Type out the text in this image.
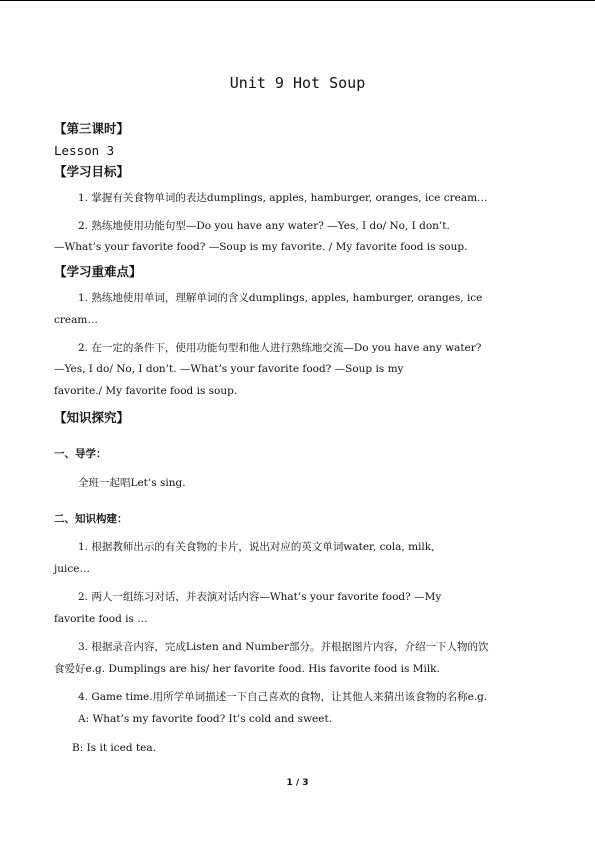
Unit 9 Hot Soup
【第三课时】
Lesson 3
【学习目标】
1. 掌握有关食物单词的表达dumplings, apples, hamburger, oranges, ice cream…
2. 熟练地使用功能句型—Do you have any water? —Yes, I do/ No, I don’t.
—What’s your favorite food? —Soup is my favorite. / My favorite food is soup.
【学习重难点】
1. 熟练地使用单词，理解单词的含义dumplings, apples, hamburger, oranges, ice
cream…
2. 在一定的条件下，使用功能句型和他人进行熟练地交流—Do you have any water?
—Yes, I do/ No, I don’t. —What’s your favorite food? —Soup is my
favorite./ My favorite food is soup.
【知识探究】
一、导学：
全班一起唱Let’s sing.
二、知识构建：
1. 根据教师出示的有关食物的卡片，说出对应的英文单词water, cola, milk,
juice…
2. 两人一组练习对话，并表演对话内容—What’s your favorite food? —My
favorite food is …
3. 根据录音内容，完成Listen and Number部分。并根据图片内容，介绍一下人物的饮
食爱好e.g. Dumplings are his/ her favorite food. His favorite food is Milk.
4. Game time.用所学单词描述一下自己喜欢的食物，让其他人来猜出该食物的名称e.g.
A: What’s my favorite food? It’s cold and sweet.
B: Is it iced tea.
1 / 3
